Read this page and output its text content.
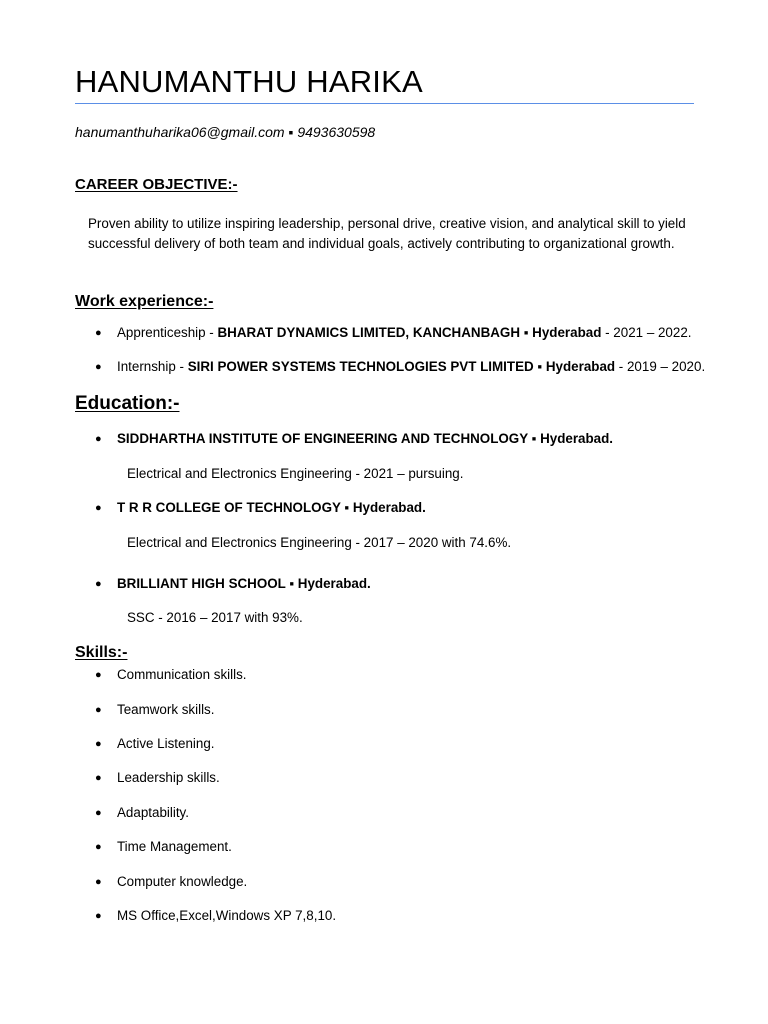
HANUMANTHU HARIKA
hanumanthuharika06@gmail.com ▪ 9493630598
CAREER OBJECTIVE:-
Proven ability to utilize inspiring leadership, personal drive, creative vision, and analytical skill to yield successful delivery of both team and individual goals, actively contributing to organizational growth.
Work experience:-
● Apprenticeship - BHARAT DYNAMICS LIMITED, KANCHANBAGH ▪ Hyderabad - 2021 – 2022.
● Internship - SIRI POWER SYSTEMS TECHNOLOGIES PVT LIMITED ▪ Hyderabad - 2019 – 2020.
Education:-
● SIDDHARTHA INSTITUTE OF ENGINEERING AND TECHNOLOGY ▪ Hyderabad.
Electrical and Electronics Engineering - 2021 – pursuing.
● T R R COLLEGE OF TECHNOLOGY ▪ Hyderabad.
Electrical and Electronics Engineering - 2017 – 2020 with 74.6%.
● BRILLIANT HIGH SCHOOL ▪ Hyderabad.
SSC - 2016 – 2017 with 93%.
Skills:-
● Communication skills.
● Teamwork skills.
● Active Listening.
● Leadership skills.
● Adaptability.
● Time Management.
● Computer knowledge.
● MS Office,Excel,Windows XP 7,8,10.
